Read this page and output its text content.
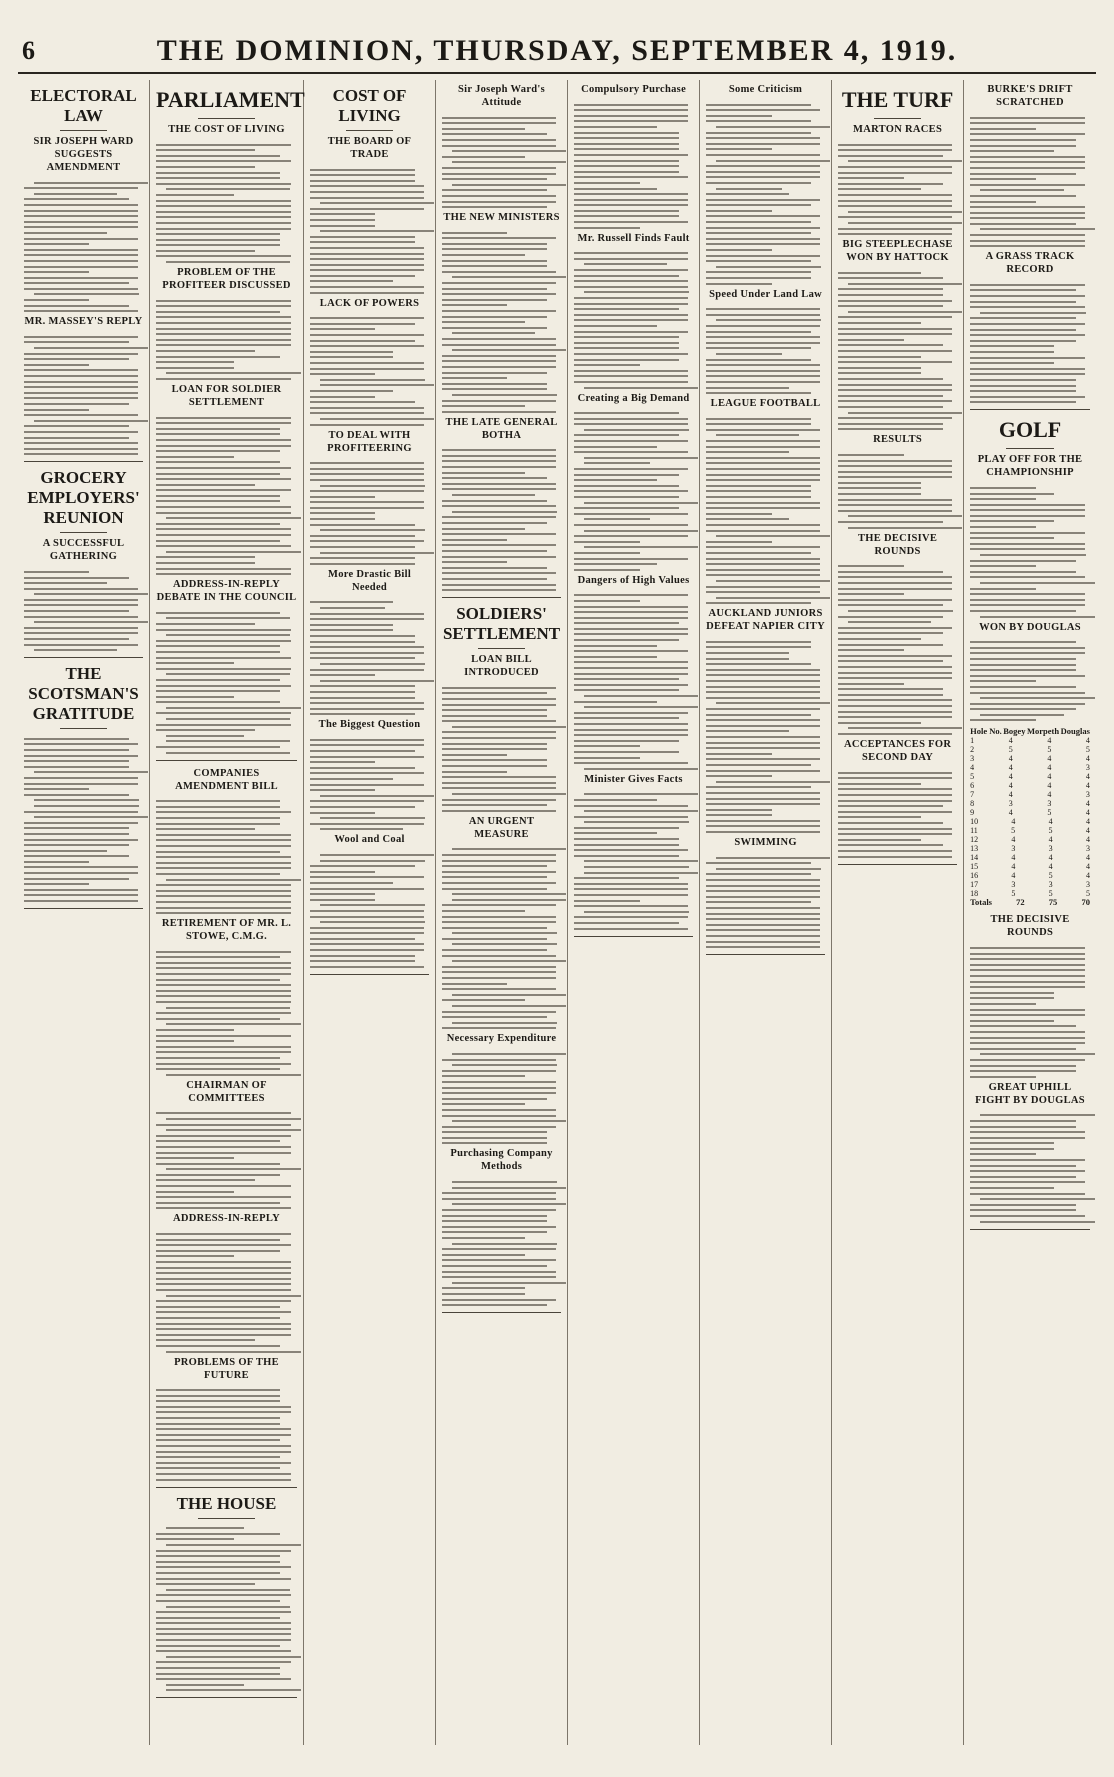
6	THE DOMINION, THURSDAY, SEPTEMBER 4, 1919.
ELECTORAL LAW
SIR JOSEPH WARD SUGGESTS AMENDMENT
MR. MASSEY'S REPLY
GROCERY EMPLOYERS' REUNION
A SUCCESSFUL GATHERING
THE SCOTSMAN'S GRATITUDE
PARLIAMENT
THE COST OF LIVING
PROBLEM OF THE PROFITEER DISCUSSED
LOAN FOR SOLDIER SETTLEMENT
ADDRESS-IN-REPLY DEBATE IN THE COUNCIL
COMPANIES AMENDMENT BILL
RETIREMENT OF MR. L. STOWE, C.M.G.
CHAIRMAN OF COMMITTEES
ADDRESS-IN-REPLY
PROBLEMS OF THE FUTURE
THE HOUSE
COST OF LIVING
THE BOARD OF TRADE
LACK OF POWERS
TO DEAL WITH PROFITEERING
More Drastic Bill Needed
The Biggest Question
Wool and Coal
Sir Joseph Ward's Attitude
THE NEW MINISTERS
THE LATE GENERAL BOTHA
SOLDIERS' SETTLEMENT
LOAN BILL INTRODUCED
AN URGENT MEASURE
Necessary Expenditure
Purchasing Company Methods
Compulsory Purchase
Mr. Russell Finds Fault
Creating a Big Demand
Dangers of High Values
Minister Gives Facts
Some Criticism
Speed Under Land Law
LEAGUE FOOTBALL
AUCKLAND JUNIORS DEFEAT NAPIER CITY
SWIMMING
THE TURF
MARTON RACES
BIG STEEPLECHASE WON BY HATTOCK
RESULTS
THE DECISIVE ROUNDS
ACCEPTANCES FOR SECOND DAY
BURKE'S DRIFT SCRATCHED
A GRASS TRACK RECORD
GOLF
PLAY OFF FOR THE CHAMPIONSHIP
WON BY DOUGLAS
Hole No. Bogey Morpeth Douglas
1	4	4	4
2	5	5	5
3	4	4	4
4	4	4	3
5	4	4	4
6	4	4	4
7	4	4	3
8	3	3	4
9	4	5	4
10	4	4	4
11	5	5	4
12	4	4	4
13	3	3	3
14	4	4	4
15	4	4	4
16	4	5	4
17	3	3	3
18	5	5	5
Totals	72	75	70
THE DECISIVE ROUNDS
GREAT UPHILL FIGHT BY DOUGLAS
